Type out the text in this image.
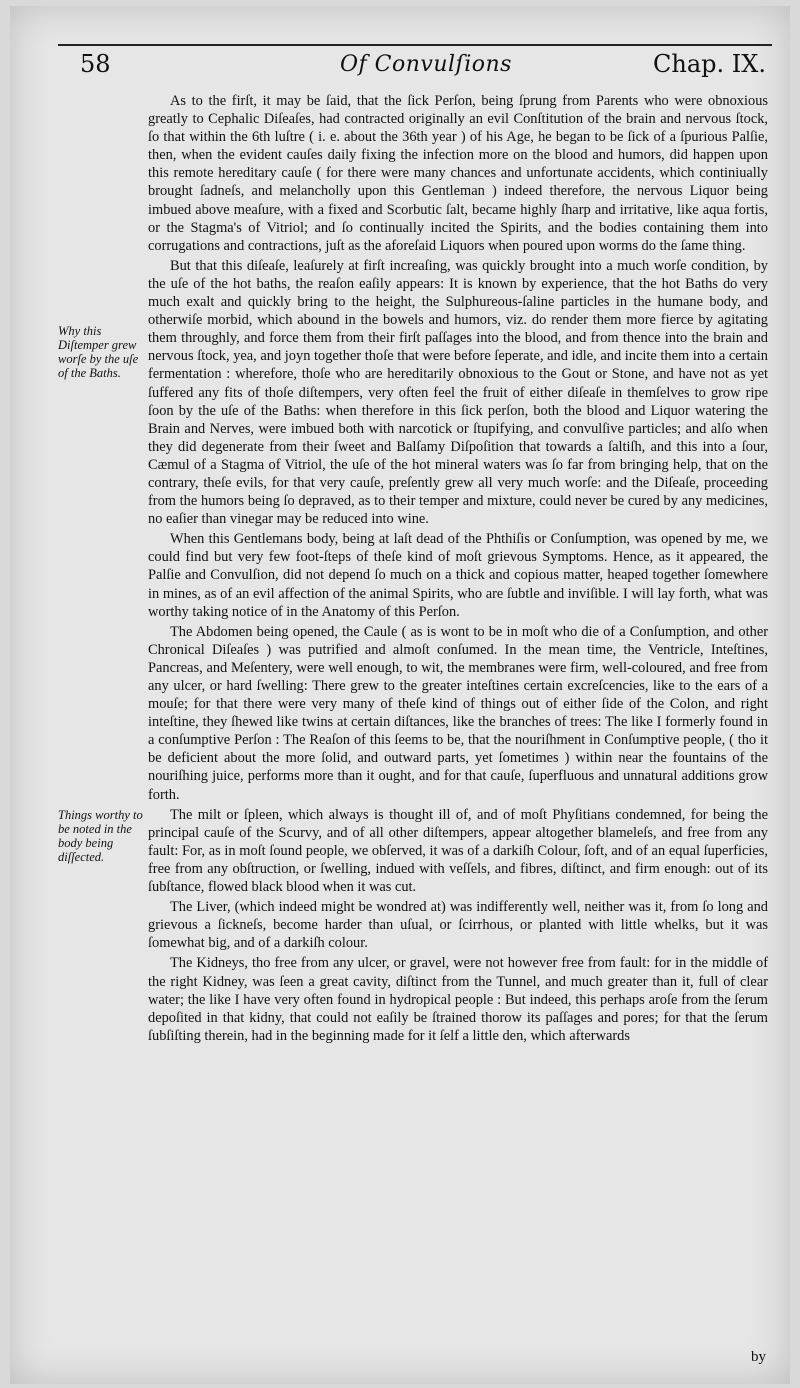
58	Of Convulſions	Chap. IX.
Why this Diſtemper grew worſe by the uſe of the Baths.
Things worthy to be noted in the body being diſſected.

As to the firſt, it may be ſaid, that the ſick Perſon, being ſprung from Parents who were obnoxious greatly to Cephalic Diſeaſes, had contracted originally an evil Conſtitution of the brain and nervous ſtock, ſo that within the 6th luſtre ( i. e. about the 36th year ) of his Age, he began to be ſick of a ſpurious Palſie, then, when the evident cauſes daily fixing the infection more on the blood and humors, did happen upon this remote hereditary cauſe ( for there were many chances and unfortunate accidents, which continiually brought ſadneſs, and melancholly upon this Gentleman ) indeed therefore, the nervous Liquor being imbued above meaſure, with a fixed and Scorbutic ſalt, became highly ſharp and irritative, like aqua fortis, or the Stagma's of Vitriol; and ſo continually incited the Spirits, and the bodies containing them into corrugations and contractions, juſt as the aforeſaid Liquors when poured upon worms do the ſame thing.

But that this diſeaſe, leaſurely at firſt increaſing, was quickly brought into a much worſe condition, by the uſe of the hot baths, the reaſon eaſily appears: It is known by experience, that the hot Baths do very much exalt and quickly bring to the height, the Sulphureous-ſaline particles in the humane body, and otherwiſe morbid, which abound in the bowels and humors, viz. do render them more fierce by agitating them throughly, and force them from their firſt paſſages into the blood, and from thence into the brain and nervous ſtock, yea, and joyn together thoſe that were before ſeperate, and idle, and incite them into a certain fermentation : wherefore, thoſe who are hereditarily obnoxious to the Gout or Stone, and have not as yet ſuffered any fits of thoſe diſtempers, very often feel the fruit of either diſeaſe in themſelves to grow ripe ſoon by the uſe of the Baths: when therefore in this ſick perſon, both the blood and Liquor watering the Brain and Nerves, were imbued both with narcotick or ſtupifying, and convulſive particles; and alſo when they did degenerate from their ſweet and Balſamy Diſpoſition that towards a ſaltiſh, and this into a ſour, Cæmul of a Stagma of Vitriol, the uſe of the hot mineral waters was ſo far from bringing help, that on the contrary, theſe evils, for that very cauſe, preſently grew all very much worſe: and the Diſeaſe, proceeding from the humors being ſo depraved, as to their temper and mixture, could never be cured by any medicines, no eaſier than vinegar may be reduced into wine.

When this Gentlemans body, being at laſt dead of the Phthiſis or Conſumption, was opened by me, we could find but very few foot-ſteps of theſe kind of moſt grievous Symptoms. Hence, as it appeared, the Palſie and Convulſion, did not depend ſo much on a thick and copious matter, heaped together ſomewhere in mines, as of an evil affection of the animal Spirits, who are ſubtle and inviſible. I will lay forth, what was worthy taking notice of in the Anatomy of this Perſon.

The Abdomen being opened, the Caule ( as is wont to be in moſt who die of a Conſumption, and other Chronical Diſeaſes ) was putrified and almoſt conſumed. In the mean time, the Ventricle, Inteſtines, Pancreas, and Meſentery, were well enough, to wit, the membranes were firm, well-coloured, and free from any ulcer, or hard ſwelling: There grew to the greater inteſtines certain excreſcencies, like to the ears of a mouſe; for that there were very many of theſe kind of things out of either ſide of the Colon, and right inteſtine, they ſhewed like twins at certain diſtances, like the branches of trees: The like I formerly found in a conſumptive Perſon : The Reaſon of this ſeems to be, that the nouriſhment in Conſumptive people, ( tho it be deficient about the more ſolid, and outward parts, yet ſometimes ) within near the fountains of the nouriſhing juice, performs more than it ought, and for that cauſe, ſuperfluous and unnatural additions grow forth.

The milt or ſpleen, which always is thought ill of, and of moſt Phyſitians condemned, for being the principal cauſe of the Scurvy, and of all other diſtempers, appear altogether blameleſs, and free from any fault: For, as in moſt ſound people, we obſerved, it was of a darkiſh Colour, ſoft, and of an equal ſuperficies, free from any obſtruction, or ſwelling, indued with veſſels, and fibres, diſtinct, and firm enough: out of its ſubſtance, flowed black blood when it was cut.

The Liver, (which indeed might be wondred at) was indifferently well, neither was it, from ſo long and grievous a ſickneſs, become harder than uſual, or ſcirrhous, or planted with little whelks, but it was ſomewhat big, and of a darkiſh colour.

The Kidneys, tho free from any ulcer, or gravel, were not however free from fault: for in the middle of the right Kidney, was ſeen a great cavity, diſtinct from the Tunnel, and much greater than it, full of clear water; the like I have very often found in hydropical people : But indeed, this perhaps aroſe from the ſerum depoſited in that kidny, that could not eaſily be ſtrained thorow its paſſages and pores; for that the ſerum ſubſiſting therein, had in the beginning made for it ſelf a little den, which afterwards

by
